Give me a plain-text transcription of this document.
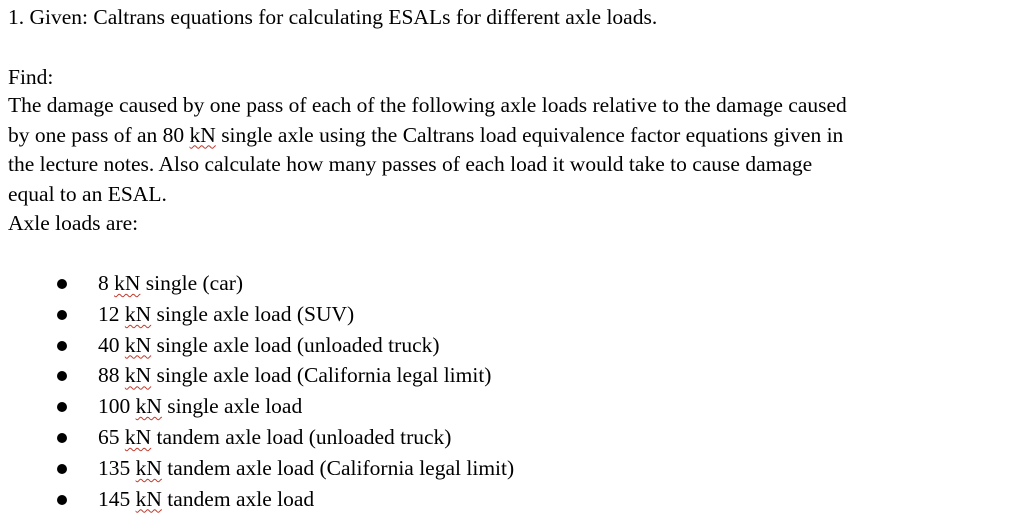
1. Given: Caltrans equations for calculating ESALs for different axle loads.
Find:
The damage caused by one pass of each of the following axle loads relative to the damage caused
by one pass of an 80 kN single axle using the Caltrans load equivalence factor equations given in
the lecture notes. Also calculate how many passes of each load it would take to cause damage
equal to an ESAL.
Axle loads are:
8 kN single (car)
12 kN single axle load (SUV)
40 kN single axle load (unloaded truck)
88 kN single axle load (California legal limit)
100 kN single axle load
65 kN tandem axle load (unloaded truck)
135 kN tandem axle load (California legal limit)
145 kN tandem axle load
